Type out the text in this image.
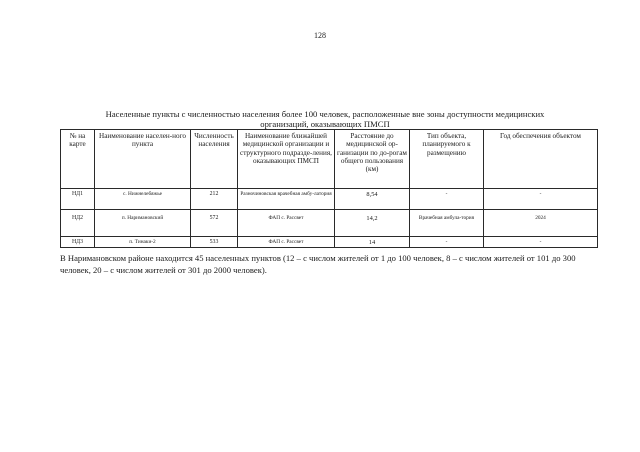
128
Населенные пункты с численностью населения более 100 человек, расположенные вне зоны доступности медицинских
организаций, оказывающих ПМСП
№ на карте	Наименование населен-ного пункта	Численность населения	Наименование ближайшей медицинской организации и структурного подразде-ления, оказывающих ПМСП	Расстояние до медицинской ор-ганизации по до-рогам общего пользования (км)	Тип объекта, планируемого к размещению	Год обеспечения объектом
НД1	с. Нижнелебяжье	212	Разночиновская врачебная амбу-латория	8,54	-	-
НД2	п. Наримановский	572	ФАП с. Рассвет	14,2	Врачебная амбула-тория	2024
НД3	п. Тинаки-2	533	ФАП с. Рассвет	14	-	-
В Наримановском районе находится 45 населенных пунктов (12 – с числом жителей от 1 до 100 человек, 8 – с числом жителей от 101 до 300 человек, 20 – с числом жителей от 301 до 2000 человек).
